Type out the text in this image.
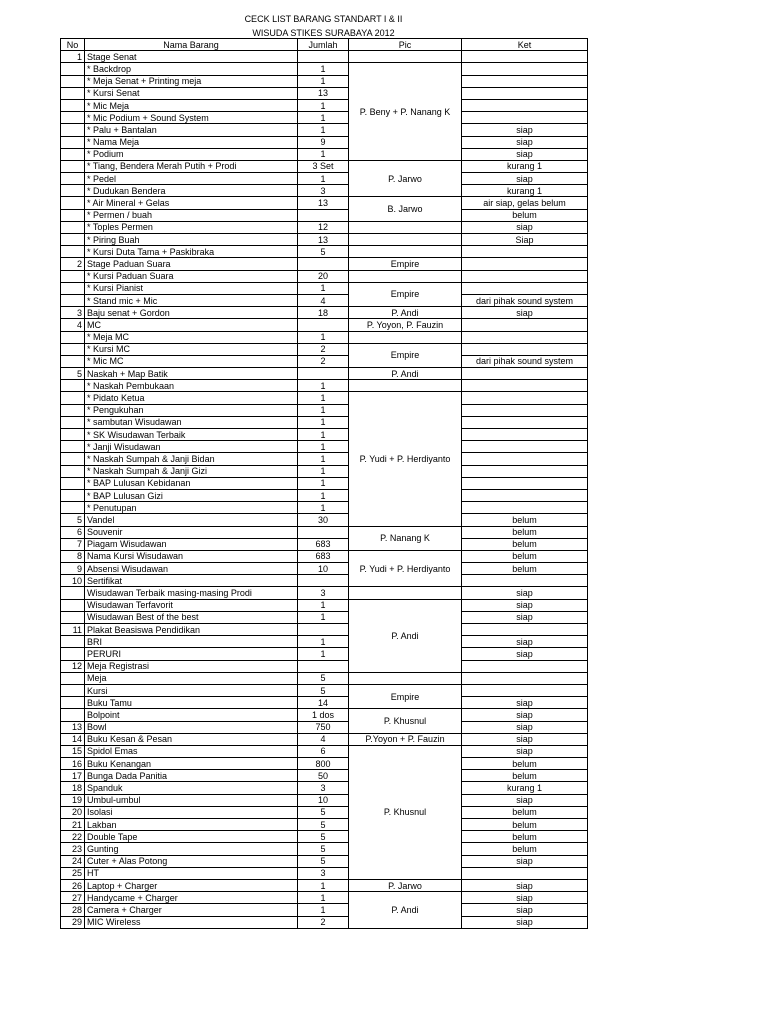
CECK LIST BARANG STANDART I & II
WISUDA STIKES SURABAYA 2012
No	Nama Barang	Jumlah	Pic	Ket
1	Stage Senat			
	* Backdrop	1	P. Beny + P. Nanang K	
	* Meja Senat + Printing meja	1		
	* Kursi Senat	13		
	* Mic Meja	1		
	* Mic Podium + Sound System	1		
	* Palu + Bantalan	1		siap
	* Nama Meja	9		siap
	* Podium	1		siap
	* Tiang, Bendera Merah Putih + Prodi	3 Set	P. Jarwo	kurang 1
	* Pedel	1		siap
	* Dudukan Bendera	3		kurang 1
	* Air Mineral + Gelas	13	B. Jarwo	air siap, gelas belum
	* Permen / buah			belum
	* Toples Permen	12		siap
	* Piring Buah	13		Siap
	* Kursi Duta Tama + Paskibraka	5		
2	Stage Paduan Suara		Empire	
	* Kursi Paduan Suara	20		
	* Kursi Pianist	1	Empire	
	* Stand mic + Mic	4		dari pihak sound system
3	Baju senat + Gordon	18	P. Andi	siap
4	MC		P. Yoyon, P. Fauzin	
	* Meja MC	1		
	* Kursi MC	2	Empire	
	* Mic MC	2		dari pihak sound system
5	Naskah + Map Batik		P. Andi	
	* Naskah Pembukaan	1		
	* Pidato Ketua	1	P. Yudi + P. Herdiyanto	
	* Pengukuhan	1		
	* sambutan Wisudawan	1		
	* SK Wisudawan Terbaik	1		
	* Janji Wisudawan	1		
	* Naskah Sumpah & Janji Bidan	1		
	* Naskah Sumpah & Janji Gizi	1		
	* BAP Lulusan Kebidanan	1		
	* BAP Lulusan Gizi	1		
	* Penutupan	1		
5	Vandel	30		belum
6	Souvenir		P. Nanang K	belum
7	Piagam Wisudawan	683		belum
8	Nama Kursi Wisudawan	683	P. Yudi + P. Herdiyanto	belum
9	Absensi Wisudawan	10		belum
10	Sertifikat			
	Wisudawan Terbaik masing-masing Prodi	3		siap
	Wisudawan Terfavorit	1	P. Andi	siap
	Wisudawan Best of the best	1		siap
11	Plakat Beasiswa Pendidikan			
	BRI	1		siap
	PERURI	1		siap
12	Meja Registrasi			
	Meja	5		
	Kursi	5	Empire	
	Buku Tamu	14		siap
	Bolpoint	1 dos	P. Khusnul	siap
13	Bowl	750		siap
14	Buku Kesan & Pesan	4	P.Yoyon + P. Fauzin	siap
15	Spidol Emas	6	P. Khusnul	siap
16	Buku Kenangan	800		belum
17	Bunga Dada Panitia	50		belum
18	Spanduk	3		kurang 1
19	Umbul-umbul	10		siap
20	Isolasi	5		belum
21	Lakban	5		belum
22	Double Tape	5		belum
23	Gunting	5		belum
24	Cuter + Alas Potong	5		siap
25	HT	3		
26	Laptop + Charger	1	P. Jarwo	siap
27	Handycame + Charger	1	P. Andi	siap
28	Camera + Charger	1		siap
29	MIC Wireless	2		siap
